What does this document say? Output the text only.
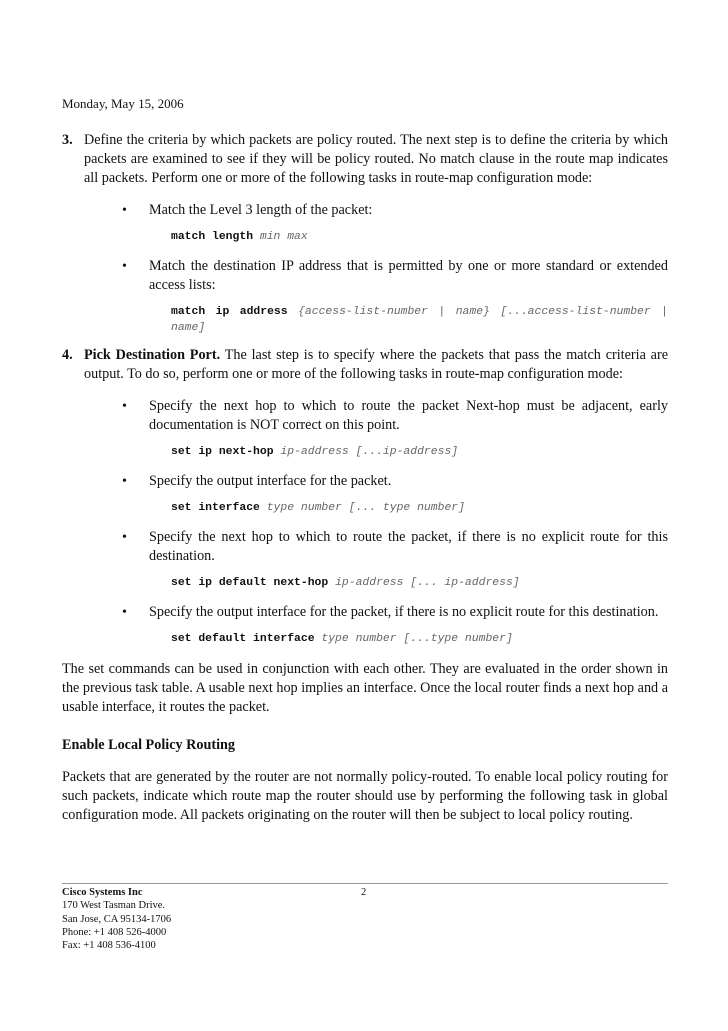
Monday, May 15, 2006
3. Define the criteria by which packets are policy routed. The next step is to define the criteria by which packets are examined to see if they will be policy routed. No match clause in the route map indicates all packets. Perform one or more of the following tasks in route-map configuration mode:
• Match the Level 3 length of the packet:
match length min max
• Match the destination IP address that is permitted by one or more standard or extended access lists:
match ip address {access-list-number | name} [...access-list-number | name]
4. Pick Destination Port. The last step is to specify where the packets that pass the match criteria are output. To do so, perform one or more of the following tasks in route-map configuration mode:
• Specify the next hop to which to route the packet Next-hop must be adjacent, early documentation is NOT correct on this point.
set ip next-hop ip-address [...ip-address]
• Specify the output interface for the packet.
set interface type number [... type number]
• Specify the next hop to which to route the packet, if there is no explicit route for this destination.
set ip default next-hop ip-address [... ip-address]
• Specify the output interface for the packet, if there is no explicit route for this destination.
set default interface type number [...type number]
The set commands can be used in conjunction with each other. They are evaluated in the order shown in the previous task table. A usable next hop implies an interface. Once the local router finds a next hop and a usable interface, it routes the packet.
Enable Local Policy Routing
Packets that are generated by the router are not normally policy-routed. To enable local policy routing for such packets, indicate which route map the router should use by performing the following task in global configuration mode. All packets originating on the router will then be subject to local policy routing.
Cisco Systems Inc	2
170 West Tasman Drive.
San Jose, CA 95134-1706
Phone: +1 408 526-4000
Fax: +1 408 536-4100
